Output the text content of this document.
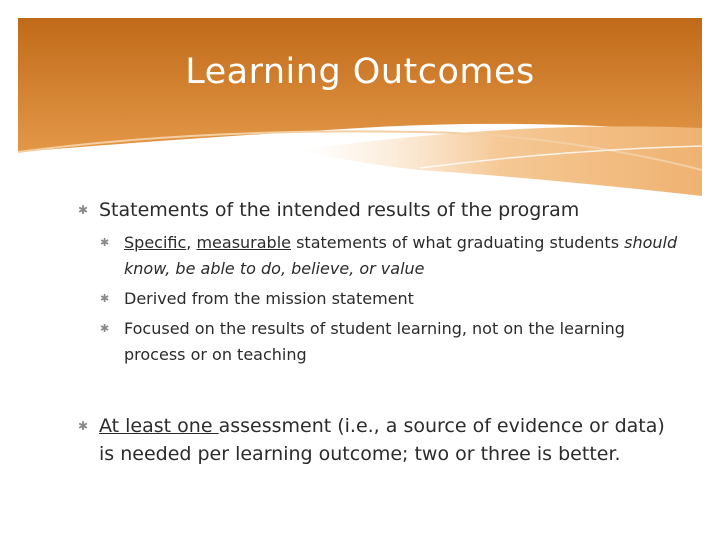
Learning Outcomes
✱ Statements of the intended results of the program
✱ Specific, measurable statements of what graduating students should know, be able to do, believe, or value
✱ Derived from the mission statement
✱ Focused on the results of student learning, not on the learning process or on teaching
✱ At least one assessment (i.e., a source of evidence or data) is needed per learning outcome; two or three is better.
